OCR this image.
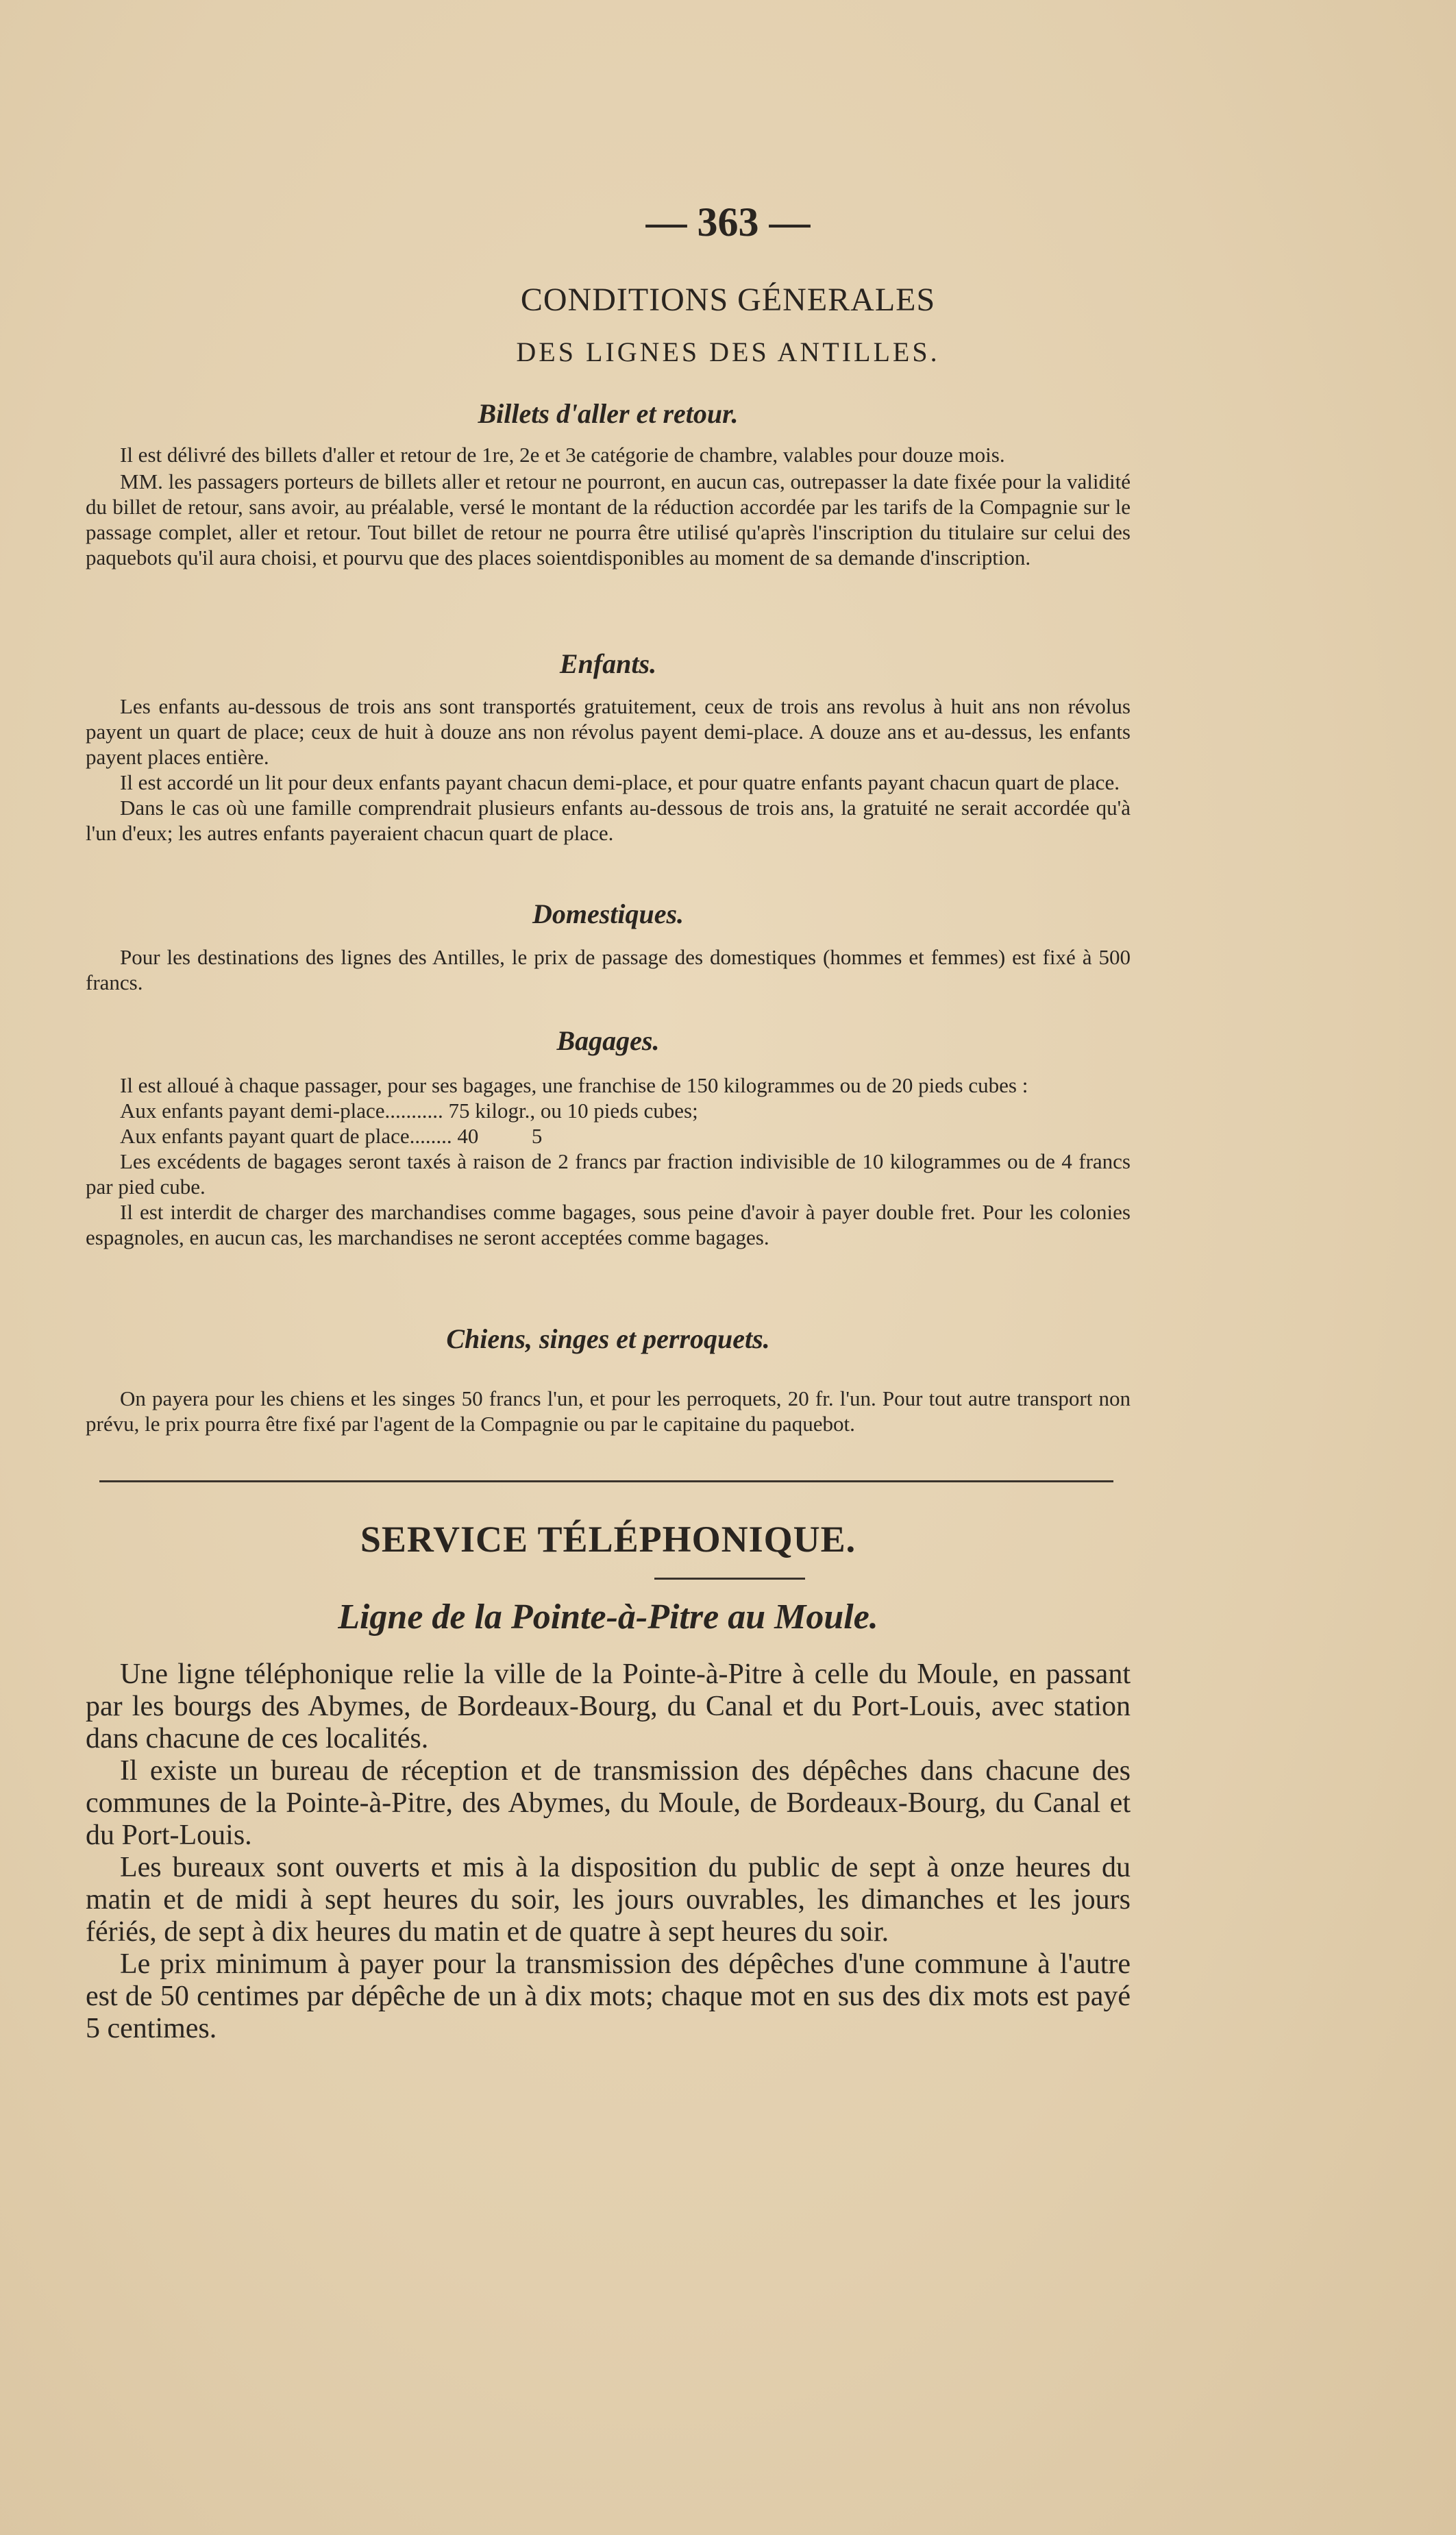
— 363 —
CONDITIONS GÉNERALES
DES LIGNES DES ANTILLES.
Billets d'aller et retour.

Il est délivré des billets d'aller et retour de 1re, 2e et 3e catégorie de chambre, valables pour douze mois.

MM. les passagers porteurs de billets aller et retour ne pourront, en aucun cas, outrepasser la date fixée pour la validité du billet de retour, sans avoir, au préalable, versé le montant de la réduction accordée par les tarifs de la Compagnie sur le passage complet, aller et retour. Tout billet de retour ne pourra être utilisé qu'après l'inscription du titulaire sur celui des paquebots qu'il aura choisi, et pourvu que des places soientdisponibles au moment de sa demande d'inscription.

Enfants.

Les enfants au-dessous de trois ans sont transportés gratuitement, ceux de trois ans revolus à huit ans non révolus payent un quart de place; ceux de huit à douze ans non révolus payent demi-place. A douze ans et au-dessus, les enfants payent places entière.

Il est accordé un lit pour deux enfants payant chacun demi-place, et pour quatre enfants payant chacun quart de place.

Dans le cas où une famille comprendrait plusieurs enfants au-dessous de trois ans, la gratuité ne serait accordée qu'à l'un d'eux; les autres enfants payeraient chacun quart de place.

Domestiques.

Pour les destinations des lignes des Antilles, le prix de passage des domestiques (hommes et femmes) est fixé à 500 francs.

Bagages.

Il est alloué à chaque passager, pour ses bagages, une franchise de 150 kilogrammes ou de 20 pieds cubes :

Aux enfants payant demi-place........... 75 kilogr., ou 10 pieds cubes;
Aux enfants payant quart de place........ 40          5

Les excédents de bagages seront taxés à raison de 2 francs par fraction indivisible de 10 kilogrammes ou de 4 francs par pied cube.

Il est interdit de charger des marchandises comme bagages, sous peine d'avoir à payer double fret. Pour les colonies espagnoles, en aucun cas, les marchandises ne seront acceptées comme bagages.

Chiens, singes et perroquets.

On payera pour les chiens et les singes 50 francs l'un, et pour les perroquets, 20 fr. l'un. Pour tout autre transport non prévu, le prix pourra être fixé par l'agent de la Compagnie ou par le capitaine du paquebot.

SERVICE TÉLÉPHONIQUE.
Ligne de la Pointe-à-Pitre au Moule.

Une ligne téléphonique relie la ville de la Pointe-à-Pitre à celle du Moule, en passant par les bourgs des Abymes, de Bordeaux-Bourg, du Canal et du Port-Louis, avec station dans chacune de ces localités.

Il existe un bureau de réception et de transmission des dépêches dans chacune des communes de la Pointe-à-Pitre, des Abymes, du Moule, de Bordeaux-Bourg, du Canal et du Port-Louis.

Les bureaux sont ouverts et mis à la disposition du public de sept à onze heures du matin et de midi à sept heures du soir, les jours ouvrables, les dimanches et les jours fériés, de sept à dix heures du matin et de quatre à sept heures du soir.

Le prix minimum à payer pour la transmission des dépêches d'une commune à l'autre est de 50 centimes par dépêche de un à dix mots; chaque mot en sus des dix mots est payé 5 centimes.
